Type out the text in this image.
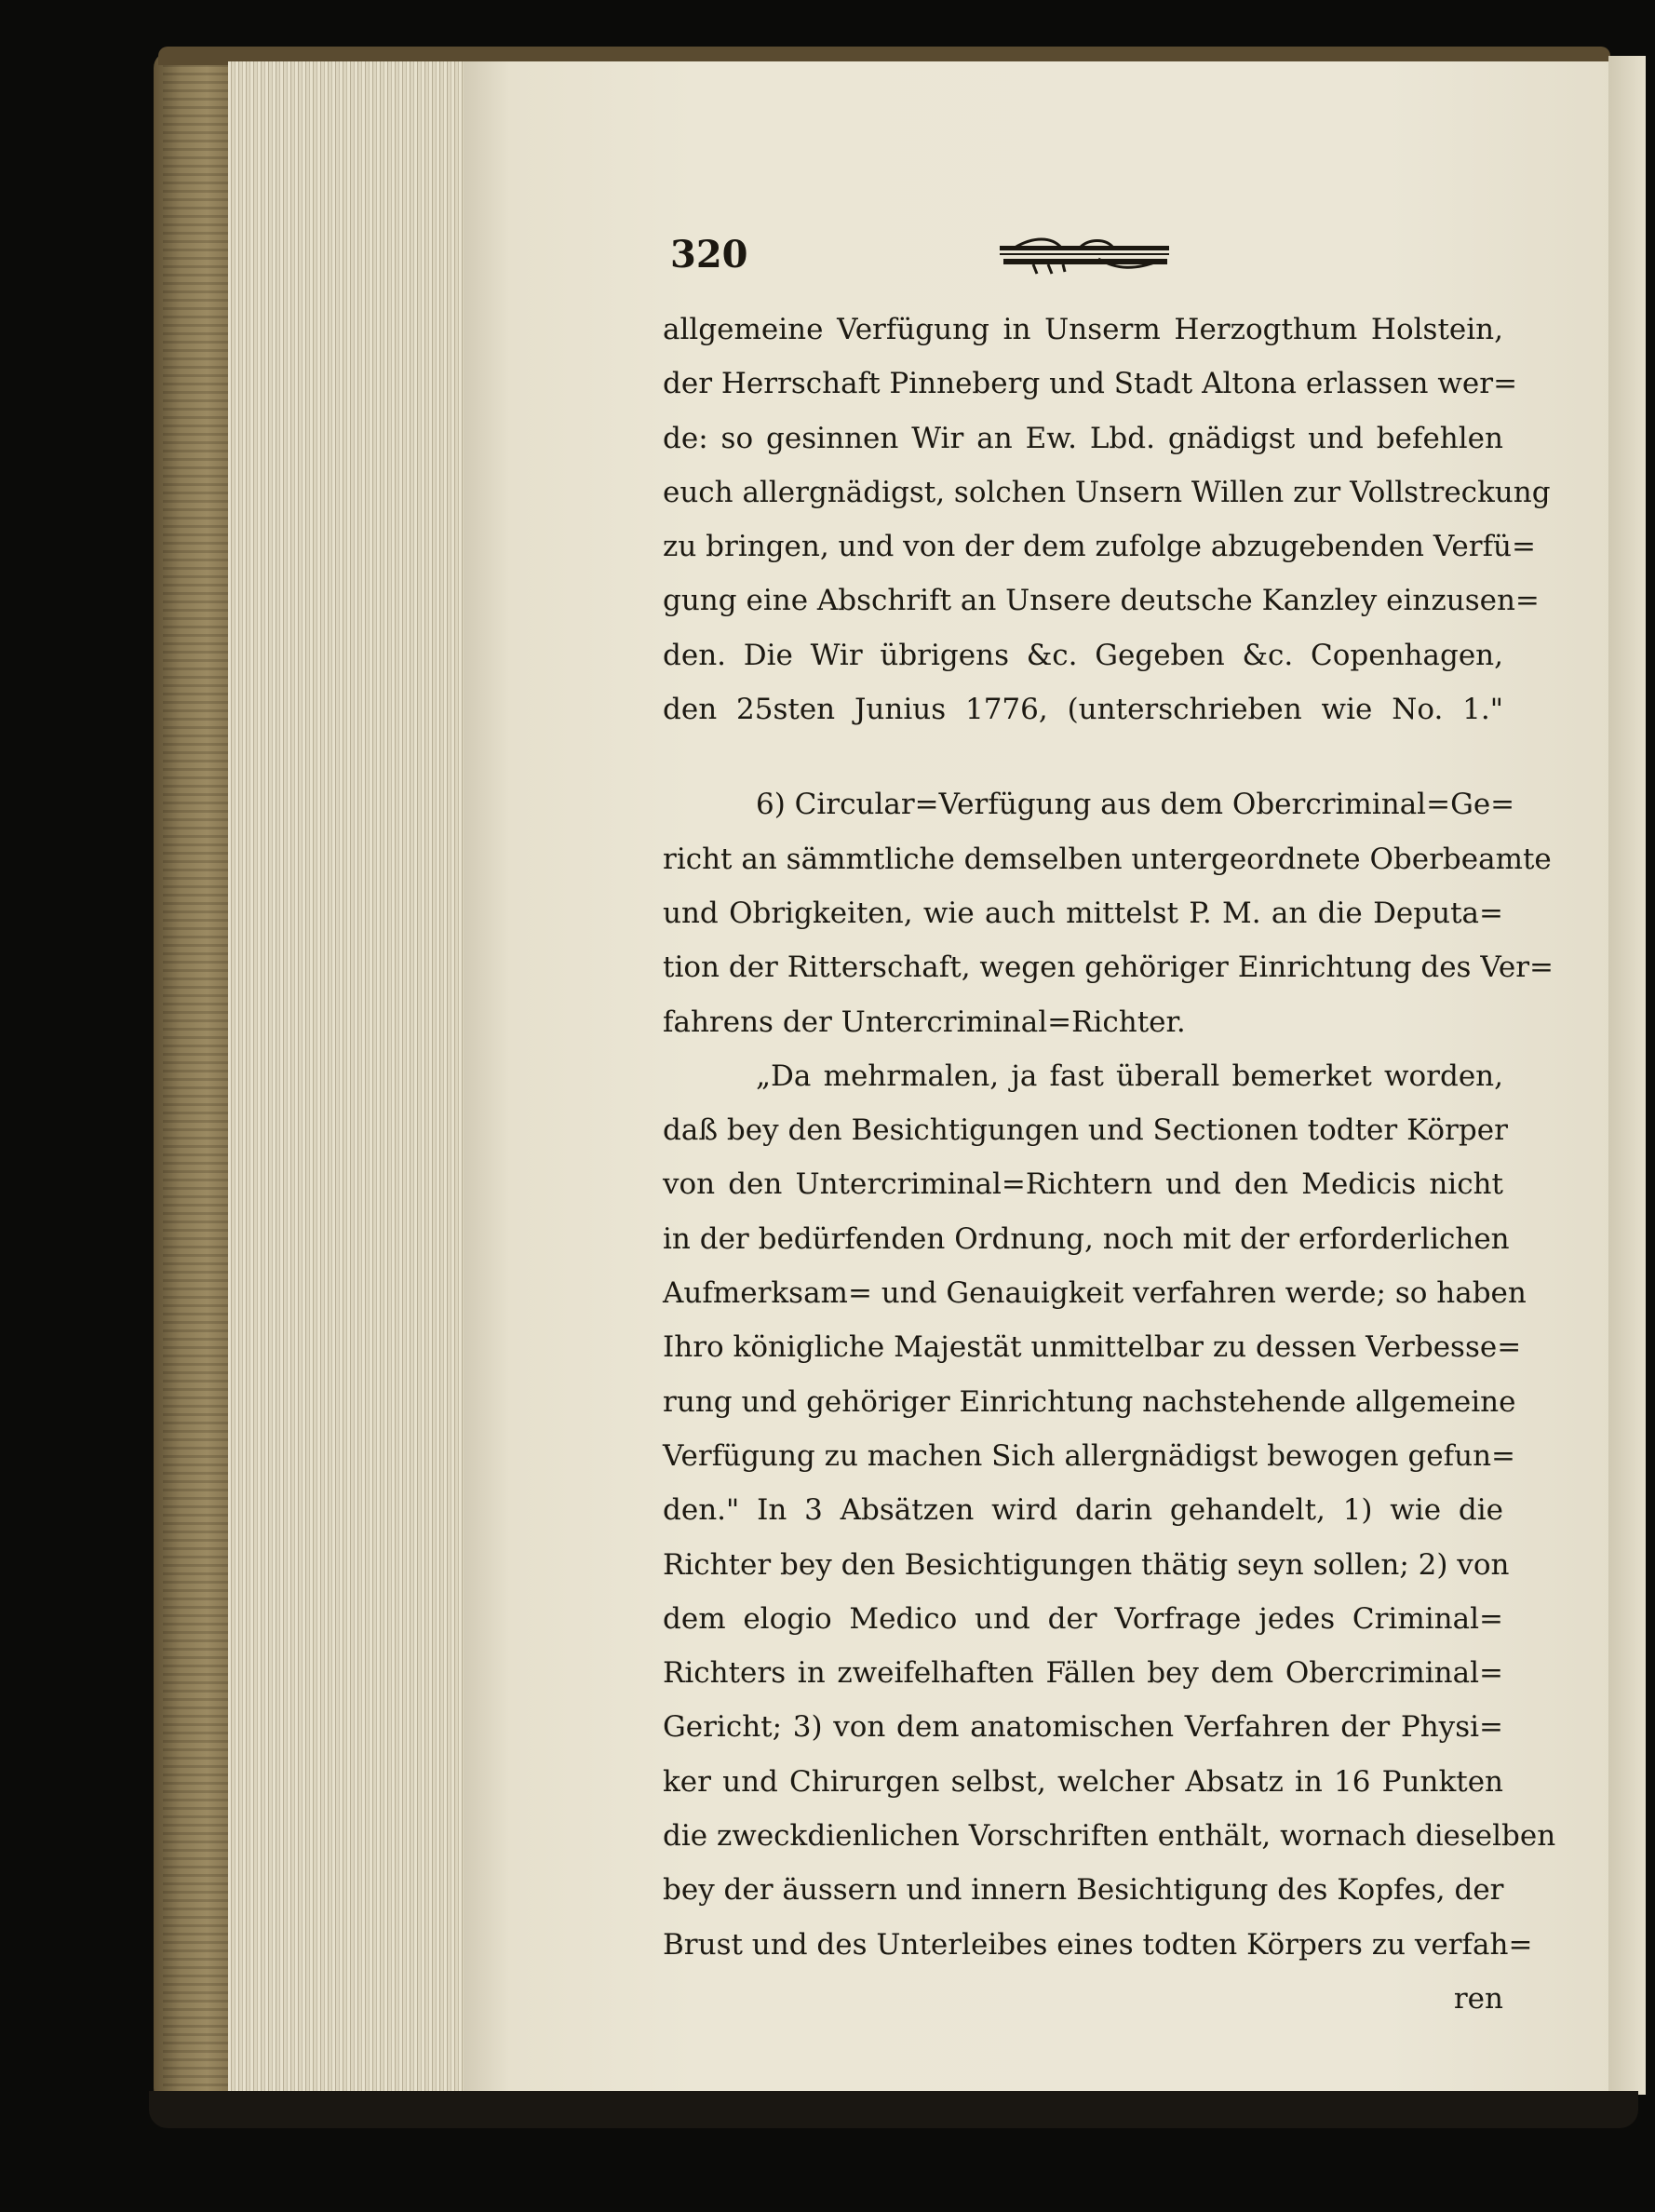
320
allgemeine Verfügung in Unserm Herzogthum Holstein,
der Herrschaft Pinneberg und Stadt Altona erlassen wer=
de: so gesinnen Wir an Ew. Lbd. gnädigst und befehlen
euch allergnädigst, solchen Unsern Willen zur Vollstreckung
zu bringen, und von der dem zufolge abzugebenden Verfü=
gung eine Abschrift an Unsere deutsche Kanzley einzusen=
den. Die Wir übrigens &c. Gegeben &c. Copenhagen,
den 25sten Junius 1776, (unterschrieben wie No. 1."
6) Circular=Verfügung aus dem Obercriminal=Ge=
richt an sämmtliche demselben untergeordnete Oberbeamte
und Obrigkeiten, wie auch mittelst P. M. an die Deputa=
tion der Ritterschaft, wegen gehöriger Einrichtung des Ver=
fahrens der Untercriminal=Richter.
„Da mehrmalen, ja fast überall bemerket worden,
daß bey den Besichtigungen und Sectionen todter Körper
von den Untercriminal=Richtern und den Medicis nicht
in der bedürfenden Ordnung, noch mit der erforderlichen
Aufmerksam= und Genauigkeit verfahren werde; so haben
Ihro königliche Majestät unmittelbar zu dessen Verbesse=
rung und gehöriger Einrichtung nachstehende allgemeine
Verfügung zu machen Sich allergnädigst bewogen gefun=
den." In 3 Absätzen wird darin gehandelt, 1) wie die
Richter bey den Besichtigungen thätig seyn sollen; 2) von
dem elogio Medico und der Vorfrage jedes Criminal=
Richters in zweifelhaften Fällen bey dem Obercriminal=
Gericht; 3) von dem anatomischen Verfahren der Physi=
ker und Chirurgen selbst, welcher Absatz in 16 Punkten
die zweckdienlichen Vorschriften enthält, wornach dieselben
bey der äussern und innern Besichtigung des Kopfes, der
Brust und des Unterleibes eines todten Körpers zu verfah=
ren
